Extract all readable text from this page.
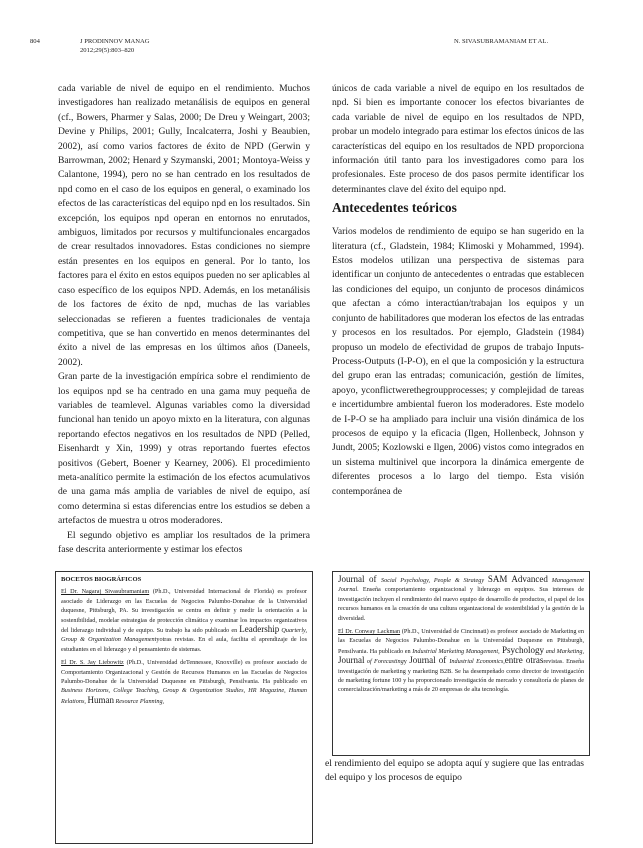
804	J PRODINNOV MANAG
2012;29(5):803–820
N. SIVASUBRAMANIAM ET AL.

cada variable de nivel de equipo en el rendimiento. Muchos investigadores han realizado metanálisis de equipos en general (cf., Bowers, Pharmer y Salas, 2000; De Dreu y Weingart, 2003; Devine y Philips, 2001; Gully, Incalcaterra, Joshi y Beaubien, 2002), así como varios factores de éxito de NPD (Gerwin y Barrowman, 2002; Henard y Szymanski, 2001; Montoya-Weiss y Calantone, 1994), pero no se han centrado en los resultados de npd como en el caso de los equipos en general, o examinado los efectos de las características del equipo npd en los resultados. Sin excepción, los equipos npd operan en entornos no enrutados, ambiguos, limitados por recursos y multifuncionales encargados de crear resultados innovadores. Estas condiciones no siempre están presentes en los equipos en general. Por lo tanto, los factores para el éxito en estos equipos pueden no ser aplicables al caso específico de los equipos NPD. Además, en los metanálisis de los factores de éxito de npd, muchas de las variables seleccionadas se refieren a fuentes tradicionales de ventaja competitiva, que se han convertido en menos determinantes del éxito a nivel de las empresas en los últimos años (Daneels, 2002).

Gran parte de la investigación empírica sobre el rendimiento de los equipos npd se ha centrado en una gama muy pequeña de variables de teamlevel. Algunas variables como la diversidad funcional han tenido un apoyo mixto en la literatura, con algunas reportando efectos negativos en los resultados de NPD (Pelled, Eisenhardt y Xin, 1999) y otras reportando fuertes efectos positivos (Gebert, Boener y Kearney, 2006). El procedimiento meta-analítico permite la estimación de los efectos acumulativos de una gama más amplia de variables de nivel de equipo, así como determina si estas diferencias entre los estudios se deben a artefactos de muestra u otros moderadores.

El segundo objetivo es ampliar los resultados de la primera fase descrita anteriormente y estimar los efectos

únicos de cada variable a nivel de equipo en los resultados de npd. Si bien es importante conocer los efectos bivariantes de cada variable de nivel de equipo en los resultados de NPD, probar un modelo integrado para estimar los efectos únicos de las características del equipo en los resultados de NPD proporciona información útil tanto para los investigadores como para los profesionales. Este proceso de dos pasos permite identificar los determinantes clave del éxito del equipo npd.

Antecedentes teóricos

Varios modelos de rendimiento de equipo se han sugerido en la literatura (cf., Gladstein, 1984; Klimoski y Mohammed, 1994). Estos modelos utilizan una perspectiva de sistemas para identificar un conjunto de antecedentes o entradas que establecen las condiciones del equipo, un conjunto de procesos dinámicos que afectan a cómo interactúan/trabajan los equipos y un conjunto de habilitadores que moderan los efectos de las entradas y procesos en los resultados. Por ejemplo, Gladstein (1984) propuso un modelo de efectividad de grupos de trabajo Inputs-Process-Outputs (I-P-O), en el que la composición y la estructura del grupo eran las entradas; comunicación, gestión de límites, apoyo, yconflictwerethegroupprocesses; y complejidad de tareas e incertidumbre ambiental fueron los moderadores. Este modelo de I-P-O se ha ampliado para incluir una visión dinámica de los procesos de equipo y la eficacia (Ilgen, Hollenbeck, Johnson y Jundt, 2005; Kozlowski e Ilgen, 2006) vistos como integrados en un sistema multinivel que incorpora la dinámica emergente de diferentes procesos a lo largo del tiempo. Esta visión contemporánea de

BOCETOS BIOGRÁFICOS

El Dr. Nagaraj Sivasubramaniam (Ph.D., Universidad Internacional de Florida) es profesor asociado de Liderazgo en las Escuelas de Negocios Palumbo-Donahue de la Universidad duquesne, Pittsburgh, PA. Su investigación se centra en definir y medir la orientación a la sostenibilidad, modelar estrategias de protección climática y examinar los impactos organizativos del liderazgo individual y de equipo. Su trabajo ha sido publicado en Leadership Quarterly, Group & Organization Managementyotras revistas. En el aula, facilita el aprendizaje de los estudiantes en el liderazgo y el pensamiento de sistemas.

El Dr. S. Jay Liebowitz (Ph.D., Universidad deTennessee, Knoxville) es profesor asociado de Comportamiento Organizacional y Gestión de Recursos Humanos en las Escuelas de Negocios Palumbo-Donahue de la Universidad Duquesne en Pittsburgh, Pensilvania. Ha publicado en Business Horizons, College Teaching, Group & Organization Studies, HR Magazine, Human Relations, Human Resource Planning,

Journal of Social Psychology, People & Strategy SAM Advanced Management Journal. Enseña comportamiento organizacional y liderazgo en equipos. Sus intereses de investigación incluyen el rendimiento del nuevo equipo de desarrollo de productos, el papel de los recursos humanos en la creación de una cultura organizacional de sostenibilidad y la gestión de la diversidad.

El Dr. Conway Lackman (Ph.D., Universidad de Cincinnati) es profesor asociado de Marketing en las Escuelas de Negocios Palumbo-Donahue en la Universidad Duquesne en Pittsburgh, Pensilvania. Ha publicado en Industrial Marketing Management, Psychology and Marketing, Journal of Forecastingy Journal of Industrial Economics,entre otrasrevistas. Enseña investigación de marketing y marketing B2B. Se ha desempeñado como director de investigación de marketing fortune 100 y ha proporcionado investigación de mercado y consultoría de planes de comercialización/marketing a más de 20 empresas de alta tecnología.

el rendimiento del equipo se adopta aquí y sugiere que las entradas del equipo y los procesos de equipo
